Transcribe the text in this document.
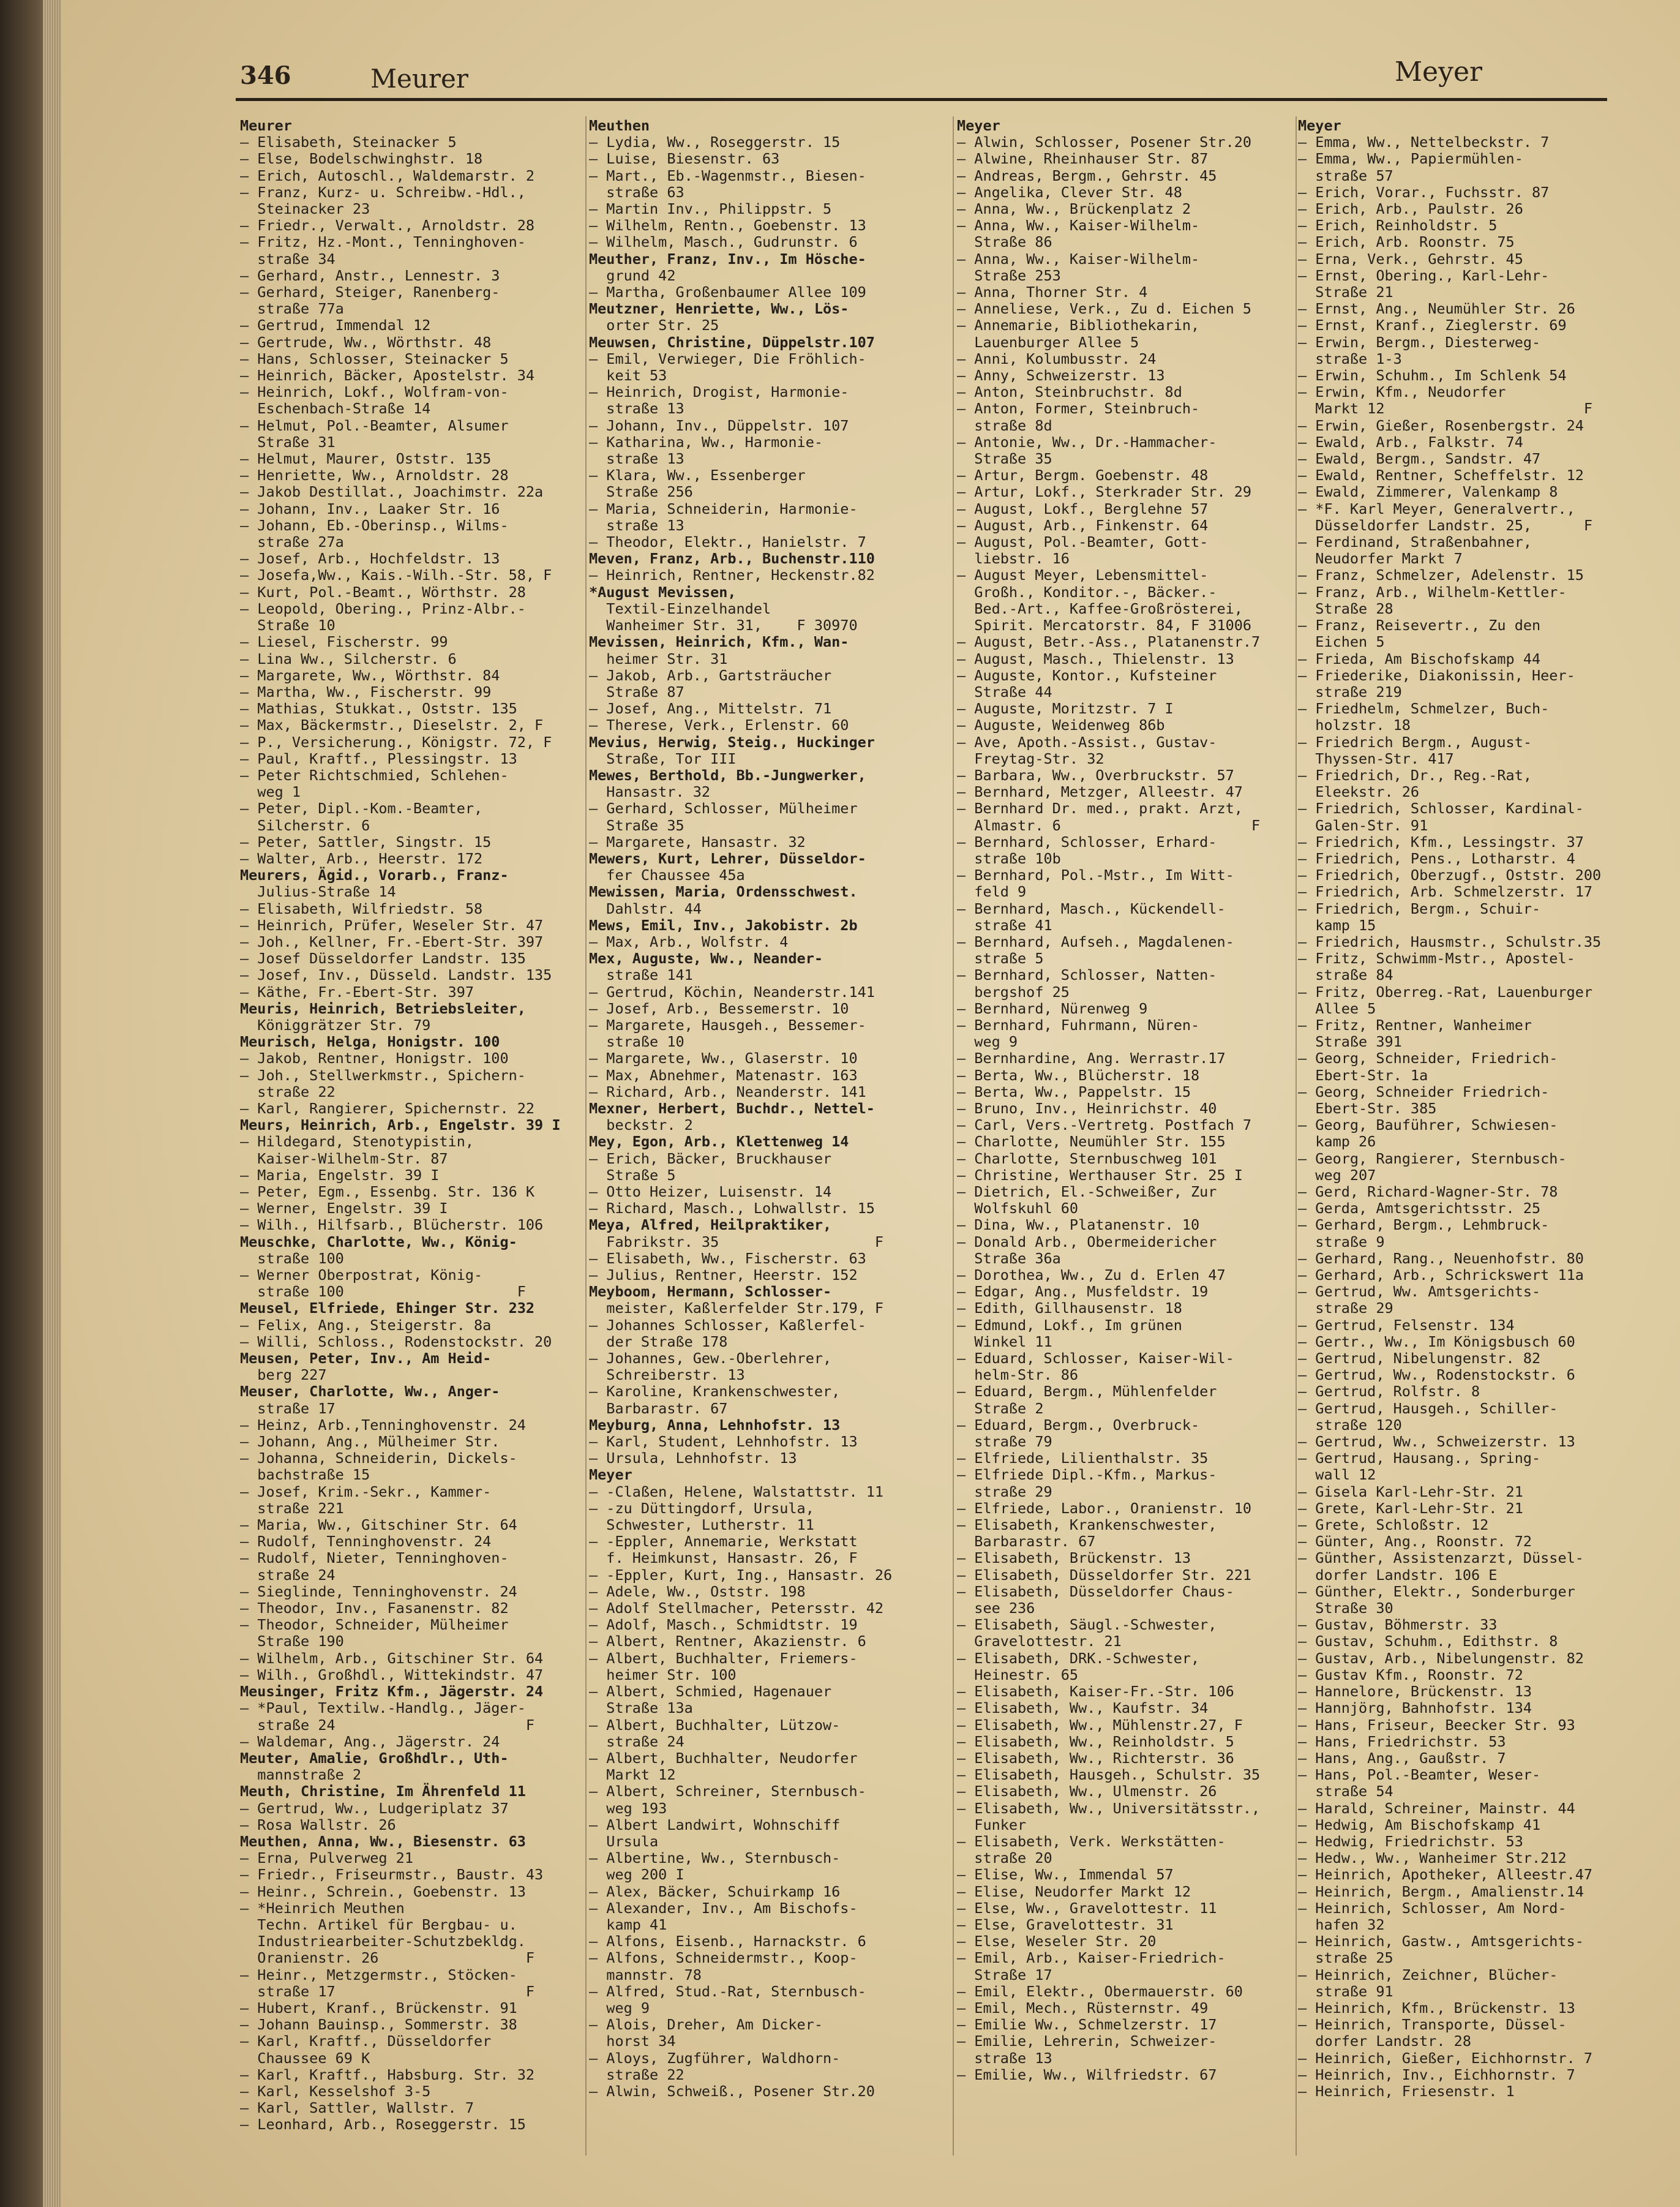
346	Meurer	Meyer
Meurer
— Elisabeth, Steinacker 5
— Else, Bodelschwinghstr. 18
— Erich, Autoschl., Waldemarstr. 2
— Franz, Kurz- u. Schreibw.-Hdl.,
Steinacker 23
— Friedr., Verwalt., Arnoldstr. 28
— Fritz, Hz.-Mont., Tenninghoven-
straße 34
— Gerhard, Anstr., Lennestr. 3
— Gerhard, Steiger, Ranenberg-
straße 77a
— Gertrud, Immendal 12
— Gertrude, Ww., Wörthstr. 48
— Hans, Schlosser, Steinacker 5
— Heinrich, Bäcker, Apostelstr. 34
— Heinrich, Lokf., Wolfram-von-
Eschenbach-Straße 14
— Helmut, Pol.-Beamter, Alsumer
Straße 31
— Helmut, Maurer, Oststr. 135
— Henriette, Ww., Arnoldstr. 28
— Jakob Destillat., Joachimstr. 22a
— Johann, Inv., Laaker Str. 16
— Johann, Eb.-Oberinsp., Wilms-
straße 27a
— Josef, Arb., Hochfeldstr. 13
— Josefa,Ww., Kais.-Wilh.-Str. 58, F
— Kurt, Pol.-Beamt., Wörthstr. 28
— Leopold, Obering., Prinz-Albr.-
Straße 10
— Liesel, Fischerstr. 99
— Lina Ww., Silcherstr. 6
— Margarete, Ww., Wörthstr. 84
— Martha, Ww., Fischerstr. 99
— Mathias, Stukkat., Oststr. 135
— Max, Bäckermstr., Dieselstr. 2, F
— P., Versicherung., Königstr. 72, F
— Paul, Kraftf., Plessingstr. 13
— Peter Richtschmied, Schlehen-
weg 1
— Peter, Dipl.-Kom.-Beamter,
Silcherstr. 6
— Peter, Sattler, Singstr. 15
— Walter, Arb., Heerstr. 172
Meurers, Ägid., Vorarb., Franz-
Julius-Straße 14
— Elisabeth, Wilfriedstr. 58
— Heinrich, Prüfer, Weseler Str. 47
— Joh., Kellner, Fr.-Ebert-Str. 397
— Josef Düsseldorfer Landstr. 135
— Josef, Inv., Düsseld. Landstr. 135
— Käthe, Fr.-Ebert-Str. 397
Meuris, Heinrich, Betriebsleiter,
Königgrätzer Str. 79
Meurisch, Helga, Honigstr. 100
— Jakob, Rentner, Honigstr. 100
— Joh., Stellwerkmstr., Spichern-
straße 22
— Karl, Rangierer, Spichernstr. 22
Meurs, Heinrich, Arb., Engelstr. 39 I
— Hildegard, Stenotypistin,
Kaiser-Wilhelm-Str. 87
— Maria, Engelstr. 39 I
— Peter, Egm., Essenbg. Str. 136 K
— Werner, Engelstr. 39 I
— Wilh., Hilfsarb., Blücherstr. 106
Meuschke, Charlotte, Ww., König-
straße 100
— Werner Oberpostrat, König-
straße 100                    F
Meusel, Elfriede, Ehinger Str. 232
— Felix, Ang., Steigerstr. 8a
— Willi, Schloss., Rodenstockstr. 20
Meusen, Peter, Inv., Am Heid-
berg 227
Meuser, Charlotte, Ww., Anger-
straße 17
— Heinz, Arb.,Tenninghovenstr. 24
— Johann, Ang., Mülheimer Str.
— Johanna, Schneiderin, Dickels-
bachstraße 15
— Josef, Krim.-Sekr., Kammer-
straße 221
— Maria, Ww., Gitschiner Str. 64
— Rudolf, Tenninghovenstr. 24
— Rudolf, Nieter, Tenninghoven-
straße 24
— Sieglinde, Tenninghovenstr. 24
— Theodor, Inv., Fasanenstr. 82
— Theodor, Schneider, Mülheimer
Straße 190
— Wilhelm, Arb., Gitschiner Str. 64
— Wilh., Großhdl., Wittekindstr. 47
Meusinger, Fritz Kfm., Jägerstr. 24
— *Paul, Textilw.-Handlg., Jäger-
straße 24                      F
— Waldemar, Ang., Jägerstr. 24
Meuter, Amalie, Großhdlr., Uth-
mannstraße 2
Meuth, Christine, Im Ährenfeld 11
— Gertrud, Ww., Ludgeriplatz 37
— Rosa Wallstr. 26
Meuthen, Anna, Ww., Biesenstr. 63
— Erna, Pulverweg 21
— Friedr., Friseurmstr., Baustr. 43
— Heinr., Schrein., Goebenstr. 13
— *Heinrich Meuthen
Techn. Artikel für Bergbau- u.
Industriearbeiter-Schutzbekldg.
Oranienstr. 26                 F
— Heinr., Metzgermstr., Stöcken-
straße 17                      F
— Hubert, Kranf., Brückenstr. 91
— Johann Bauinsp., Sommerstr. 38
— Karl, Kraftf., Düsseldorfer
Chaussee 69 K
— Karl, Kraftf., Habsburg. Str. 32
— Karl, Kesselshof 3-5
— Karl, Sattler, Wallstr. 7
— Leonhard, Arb., Roseggerstr. 15
Meuthen
— Lydia, Ww., Roseggerstr. 15
— Luise, Biesenstr. 63
— Mart., Eb.-Wagenmstr., Biesen-
straße 63
— Martin Inv., Philippstr. 5
— Wilhelm, Rentn., Goebenstr. 13
— Wilhelm, Masch., Gudrunstr. 6
Meuther, Franz, Inv., Im Hösche-
grund 42
— Martha, Großenbaumer Allee 109
Meutzner, Henriette, Ww., Lös-
orter Str. 25
Meuwsen, Christine, Düppelstr.107
— Emil, Verwieger, Die Fröhlich-
keit 53
— Heinrich, Drogist, Harmonie-
straße 13
— Johann, Inv., Düppelstr. 107
— Katharina, Ww., Harmonie-
straße 13
— Klara, Ww., Essenberger
Straße 256
— Maria, Schneiderin, Harmonie-
straße 13
— Theodor, Elektr., Hanielstr. 7
Meven, Franz, Arb., Buchenstr.110
— Heinrich, Rentner, Heckenstr.82
*August Mevissen,
Textil-Einzelhandel
Wanheimer Str. 31,    F 30970
Mevissen, Heinrich, Kfm., Wan-
heimer Str. 31
— Jakob, Arb., Gartsträucher
Straße 87
— Josef, Ang., Mittelstr. 71
— Therese, Verk., Erlenstr. 60
Mevius, Herwig, Steig., Huckinger
Straße, Tor III
Mewes, Berthold, Bb.-Jungwerker,
Hansastr. 32
— Gerhard, Schlosser, Mülheimer
Straße 35
— Margarete, Hansastr. 32
Mewers, Kurt, Lehrer, Düsseldor-
fer Chaussee 45a
Mewissen, Maria, Ordensschwest.
Dahlstr. 44
Mews, Emil, Inv., Jakobistr. 2b
— Max, Arb., Wolfstr. 4
Mex, Auguste, Ww., Neander-
straße 141
— Gertrud, Köchin, Neanderstr.141
— Josef, Arb., Bessemerstr. 10
— Margarete, Hausgeh., Bessemer-
straße 10
— Margarete, Ww., Glaserstr. 10
— Max, Abnehmer, Matenastr. 163
— Richard, Arb., Neanderstr. 141
Mexner, Herbert, Buchdr., Nettel-
beckstr. 2
Mey, Egon, Arb., Klettenweg 14
— Erich, Bäcker, Bruckhauser
Straße 5
— Otto Heizer, Luisenstr. 14
— Richard, Masch., Lohwallstr. 15
Meya, Alfred, Heilpraktiker,
Fabrikstr. 35                  F
— Elisabeth, Ww., Fischerstr. 63
— Julius, Rentner, Heerstr. 152
Meyboom, Hermann, Schlosser-
meister, Kaßlerfelder Str.179, F
— Johannes Schlosser, Kaßlerfel-
der Straße 178
— Johannes, Gew.-Oberlehrer,
Schreiberstr. 13
— Karoline, Krankenschwester,
Barbarastr. 67
Meyburg, Anna, Lehnhofstr. 13
— Karl, Student, Lehnhofstr. 13
— Ursula, Lehnhofstr. 13
Meyer
— -Claßen, Helene, Walstattstr. 11
— -zu Düttingdorf, Ursula,
Schwester, Lutherstr. 11
— -Eppler, Annemarie, Werkstatt
f. Heimkunst, Hansastr. 26, F
— -Eppler, Kurt, Ing., Hansastr. 26
— Adele, Ww., Oststr. 198
— Adolf Stellmacher, Petersstr. 42
— Adolf, Masch., Schmidtstr. 19
— Albert, Rentner, Akazienstr. 6
— Albert, Buchhalter, Friemers-
heimer Str. 100
— Albert, Schmied, Hagenauer
Straße 13a
— Albert, Buchhalter, Lützow-
straße 24
— Albert, Buchhalter, Neudorfer
Markt 12
— Albert, Schreiner, Sternbusch-
weg 193
— Albert Landwirt, Wohnschiff
Ursula
— Albertine, Ww., Sternbusch-
weg 200 I
— Alex, Bäcker, Schuirkamp 16
— Alexander, Inv., Am Bischofs-
kamp 41
— Alfons, Eisenb., Harnackstr. 6
— Alfons, Schneidermstr., Koop-
mannstr. 78
— Alfred, Stud.-Rat, Sternbusch-
weg 9
— Alois, Dreher, Am Dicker-
horst 34
— Aloys, Zugführer, Waldhorn-
straße 22
— Alwin, Schweiß., Posener Str.20
Meyer
— Alwin, Schlosser, Posener Str.20
— Alwine, Rheinhauser Str. 87
— Andreas, Bergm., Gehrstr. 45
— Angelika, Clever Str. 48
— Anna, Ww., Brückenplatz 2
— Anna, Ww., Kaiser-Wilhelm-
Straße 86
— Anna, Ww., Kaiser-Wilhelm-
Straße 253
— Anna, Thorner Str. 4
— Anneliese, Verk., Zu d. Eichen 5
— Annemarie, Bibliothekarin,
Lauenburger Allee 5
— Anni, Kolumbusstr. 24
— Anny, Schweizerstr. 13
— Anton, Steinbruchstr. 8d
— Anton, Former, Steinbruch-
straße 8d
— Antonie, Ww., Dr.-Hammacher-
Straße 35
— Artur, Bergm. Goebenstr. 48
— Artur, Lokf., Sterkrader Str. 29
— August, Lokf., Berglehne 57
— August, Arb., Finkenstr. 64
— August, Pol.-Beamter, Gott-
liebstr. 16
— August Meyer, Lebensmittel-
Großh., Konditor.-, Bäcker.-
Bed.-Art., Kaffee-Großrösterei,
Spirit. Mercatorstr. 84, F 31006
— August, Betr.-Ass., Platanenstr.7
— August, Masch., Thielenstr. 13
— Auguste, Kontor., Kufsteiner
Straße 44
— Auguste, Moritzstr. 7 I
— Auguste, Weidenweg 86b
— Ave, Apoth.-Assist., Gustav-
Freytag-Str. 32
— Barbara, Ww., Overbruckstr. 57
— Bernhard, Metzger, Alleestr. 47
— Bernhard Dr. med., prakt. Arzt,
Almastr. 6                      F
— Bernhard, Schlosser, Erhard-
straße 10b
— Bernhard, Pol.-Mstr., Im Witt-
feld 9
— Bernhard, Masch., Kückendell-
straße 41
— Bernhard, Aufseh., Magdalenen-
straße 5
— Bernhard, Schlosser, Natten-
bergshof 25
— Bernhard, Nürenweg 9
— Bernhard, Fuhrmann, Nüren-
weg 9
— Bernhardine, Ang. Werrastr.17
— Berta, Ww., Blücherstr. 18
— Berta, Ww., Pappelstr. 15
— Bruno, Inv., Heinrichstr. 40
— Carl, Vers.-Vertretg. Postfach 7
— Charlotte, Neumühler Str. 155
— Charlotte, Sternbuschweg 101
— Christine, Werthauser Str. 25 I
— Dietrich, El.-Schweißer, Zur
Wolfskuhl 60
— Dina, Ww., Platanenstr. 10
— Donald Arb., Obermeidericher
Straße 36a
— Dorothea, Ww., Zu d. Erlen 47
— Edgar, Ang., Musfeldstr. 19
— Edith, Gillhausenstr. 18
— Edmund, Lokf., Im grünen
Winkel 11
— Eduard, Schlosser, Kaiser-Wil-
helm-Str. 86
— Eduard, Bergm., Mühlenfelder
Straße 2
— Eduard, Bergm., Overbruck-
straße 79
— Elfriede, Lilienthalstr. 35
— Elfriede Dipl.-Kfm., Markus-
straße 29
— Elfriede, Labor., Oranienstr. 10
— Elisabeth, Krankenschwester,
Barbarastr. 67
— Elisabeth, Brückenstr. 13
— Elisabeth, Düsseldorfer Str. 221
— Elisabeth, Düsseldorfer Chaus-
see 236
— Elisabeth, Säugl.-Schwester,
Gravelottestr. 21
— Elisabeth, DRK.-Schwester,
Heinestr. 65
— Elisabeth, Kaiser-Fr.-Str. 106
— Elisabeth, Ww., Kaufstr. 34
— Elisabeth, Ww., Mühlenstr.27, F
— Elisabeth, Ww., Reinholdstr. 5
— Elisabeth, Ww., Richterstr. 36
— Elisabeth, Hausgeh., Schulstr. 35
— Elisabeth, Ww., Ulmenstr. 26
— Elisabeth, Ww., Universitätsstr.,
Funker
— Elisabeth, Verk. Werkstätten-
straße 20
— Elise, Ww., Immendal 57
— Elise, Neudorfer Markt 12
— Else, Ww., Gravelottestr. 11
— Else, Gravelottestr. 31
— Else, Weseler Str. 20
— Emil, Arb., Kaiser-Friedrich-
Straße 17
— Emil, Elektr., Obermauerstr. 60
— Emil, Mech., Rüsternstr. 49
— Emilie Ww., Schmelzerstr. 17
— Emilie, Lehrerin, Schweizer-
straße 13
— Emilie, Ww., Wilfriedstr. 67
Meyer
— Emma, Ww., Nettelbeckstr. 7
— Emma, Ww., Papiermühlen-
straße 57
— Erich, Vorar., Fuchsstr. 87
— Erich, Arb., Paulstr. 26
— Erich, Reinholdstr. 5
— Erich, Arb. Roonstr. 75
— Erna, Verk., Gehrstr. 45
— Ernst, Obering., Karl-Lehr-
Straße 21
— Ernst, Ang., Neumühler Str. 26
— Ernst, Kranf., Zieglerstr. 69
— Erwin, Bergm., Diesterweg-
straße 1-3
— Erwin, Schuhm., Im Schlenk 54
— Erwin, Kfm., Neudorfer
Markt 12                       F
— Erwin, Gießer, Rosenbergstr. 24
— Ewald, Arb., Falkstr. 74
— Ewald, Bergm., Sandstr. 47
— Ewald, Rentner, Scheffelstr. 12
— Ewald, Zimmerer, Valenkamp 8
— *F. Karl Meyer, Generalvertr.,
Düsseldorfer Landstr. 25,      F
— Ferdinand, Straßenbahner,
Neudorfer Markt 7
— Franz, Schmelzer, Adelenstr. 15
— Franz, Arb., Wilhelm-Kettler-
Straße 28
— Franz, Reisevertr., Zu den
Eichen 5
— Frieda, Am Bischofskamp 44
— Friederike, Diakonissin, Heer-
straße 219
— Friedhelm, Schmelzer, Buch-
holzstr. 18
— Friedrich Bergm., August-
Thyssen-Str. 417
— Friedrich, Dr., Reg.-Rat,
Eleekstr. 26
— Friedrich, Schlosser, Kardinal-
Galen-Str. 91
— Friedrich, Kfm., Lessingstr. 37
— Friedrich, Pens., Lotharstr. 4
— Friedrich, Oberzugf., Oststr. 200
— Friedrich, Arb. Schmelzerstr. 17
— Friedrich, Bergm., Schuir-
kamp 15
— Friedrich, Hausmstr., Schulstr.35
— Fritz, Schwimm-Mstr., Apostel-
straße 84
— Fritz, Oberreg.-Rat, Lauenburger
Allee 5
— Fritz, Rentner, Wanheimer
Straße 391
— Georg, Schneider, Friedrich-
Ebert-Str. 1a
— Georg, Schneider Friedrich-
Ebert-Str. 385
— Georg, Bauführer, Schwiesen-
kamp 26
— Georg, Rangierer, Sternbusch-
weg 207
— Gerd, Richard-Wagner-Str. 78
— Gerda, Amtsgerichtsstr. 25
— Gerhard, Bergm., Lehmbruck-
straße 9
— Gerhard, Rang., Neuenhofstr. 80
— Gerhard, Arb., Schrickswert 11a
— Gertrud, Ww. Amtsgerichts-
straße 29
— Gertrud, Felsenstr. 134
— Gertr., Ww., Im Königsbusch 60
— Gertrud, Nibelungenstr. 82
— Gertrud, Ww., Rodenstockstr. 6
— Gertrud, Rolfstr. 8
— Gertrud, Hausgeh., Schiller-
straße 120
— Gertrud, Ww., Schweizerstr. 13
— Gertrud, Hausang., Spring-
wall 12
— Gisela Karl-Lehr-Str. 21
— Grete, Karl-Lehr-Str. 21
— Grete, Schloßstr. 12
— Günter, Ang., Roonstr. 72
— Günther, Assistenzarzt, Düssel-
dorfer Landstr. 106 E
— Günther, Elektr., Sonderburger
Straße 30
— Gustav, Böhmerstr. 33
— Gustav, Schuhm., Edithstr. 8
— Gustav, Arb., Nibelungenstr. 82
— Gustav Kfm., Roonstr. 72
— Hannelore, Brückenstr. 13
— Hannjörg, Bahnhofstr. 134
— Hans, Friseur, Beecker Str. 93
— Hans, Friedrichstr. 53
— Hans, Ang., Gaußstr. 7
— Hans, Pol.-Beamter, Weser-
straße 54
— Harald, Schreiner, Mainstr. 44
— Hedwig, Am Bischofskamp 41
— Hedwig, Friedrichstr. 53
— Hedw., Ww., Wanheimer Str.212
— Heinrich, Apotheker, Alleestr.47
— Heinrich, Bergm., Amalienstr.14
— Heinrich, Schlosser, Am Nord-
hafen 32
— Heinrich, Gastw., Amtsgerichts-
straße 25
— Heinrich, Zeichner, Blücher-
straße 91
— Heinrich, Kfm., Brückenstr. 13
— Heinrich, Transporte, Düssel-
dorfer Landstr. 28
— Heinrich, Gießer, Eichhornstr. 7
— Heinrich, Inv., Eichhornstr. 7
— Heinrich, Friesenstr. 1
